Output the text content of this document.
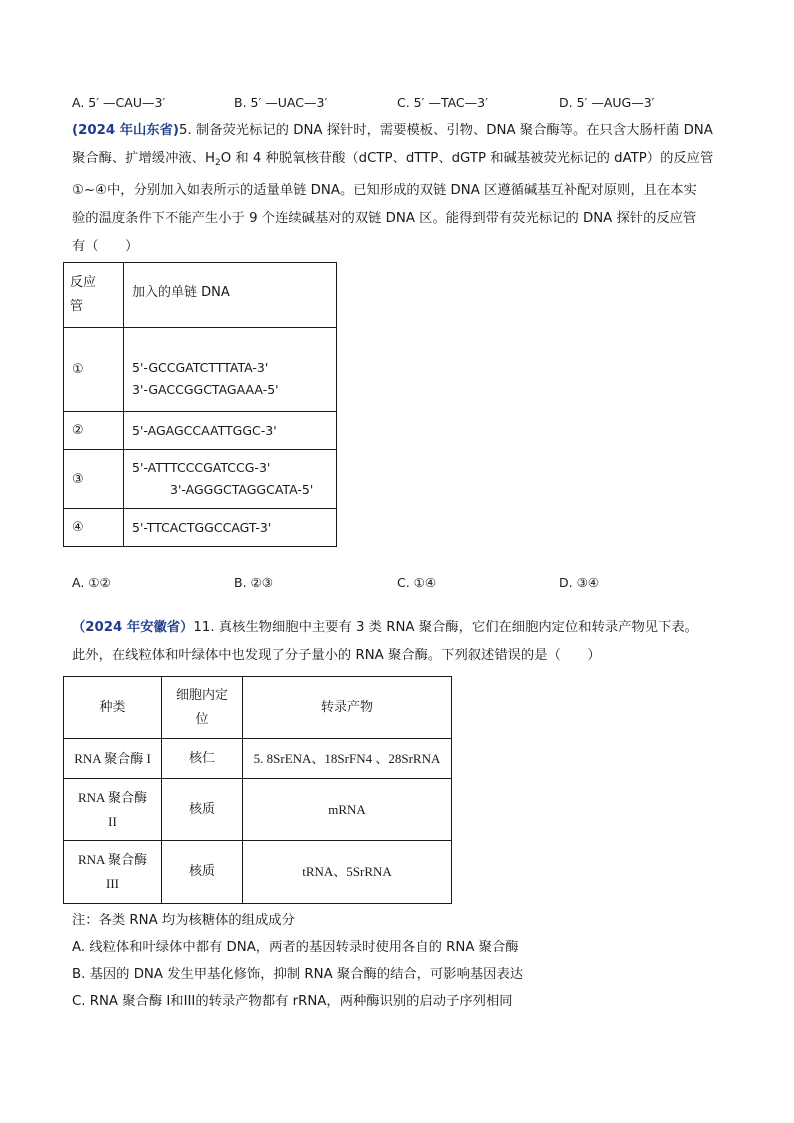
A. 5′ —CAU—3′	B. 5′ —UAC—3′	C. 5′ —TAC—3′	D. 5′ —AUG—3′
(2024 年山东省)5. 制备荧光标记的 DNA 探针时，需要模板、引物、DNA 聚合酶等。在只含大肠杆菌 DNA
聚合酶、扩增缓冲液、$H_2O$ 和 4 种脱氧核苷酸（dCTP、dTTP、dGTP 和碱基被荧光标记的 dATP）的反应管
①~④中，分别加入如表所示的适量单链 DNA。已知形成的双链 DNA 区遵循碱基互补配对原则，且在本实
验的温度条件下不能产生小于 9 个连续碱基对的双链 DNA 区。能得到带有荧光标记的 DNA 探针的反应管
有（　　）
反应管	加入的单链 DNA
①	5'-GCCGATCTTTATA-3'
3'-GACCGGCTAGAAA-5'

②	5'-AGAGCCAATTGGC-3'
③	5'-ATTTCCCGATCCG-3'
3'-AGGGCTAGGCATA-5'

④	5'-TTCACTGGCCAGT-3'
A. ①②	B. ②③	C. ①④	D. ③④
（2024 年安徽省）11. 真核生物细胞中主要有 3 类 RNA 聚合酶，它们在细胞内定位和转录产物见下表。
此外，在线粒体和叶绿体中也发现了分子量小的 RNA 聚合酶。下列叙述错误的是（　　）
种类	细胞内定位	转录产物
RNA 聚合酶 I	核仁	5. 8SrENA、18SrFN4 、28SrRNA

RNA 聚合酶 II	核质	mRNA

RNA 聚合酶 III	核质	tRNA、5SrRNA
注：各类 RNA 均为核糖体的组成成分
A. 线粒体和叶绿体中都有 DNA，两者的基因转录时使用各自的 RNA 聚合酶
B. 基因的 DNA 发生甲基化修饰，抑制 RNA 聚合酶的结合，可影响基因表达
C. RNA 聚合酶 I和III的转录产物都有 rRNA，两种酶识别的启动子序列相同
